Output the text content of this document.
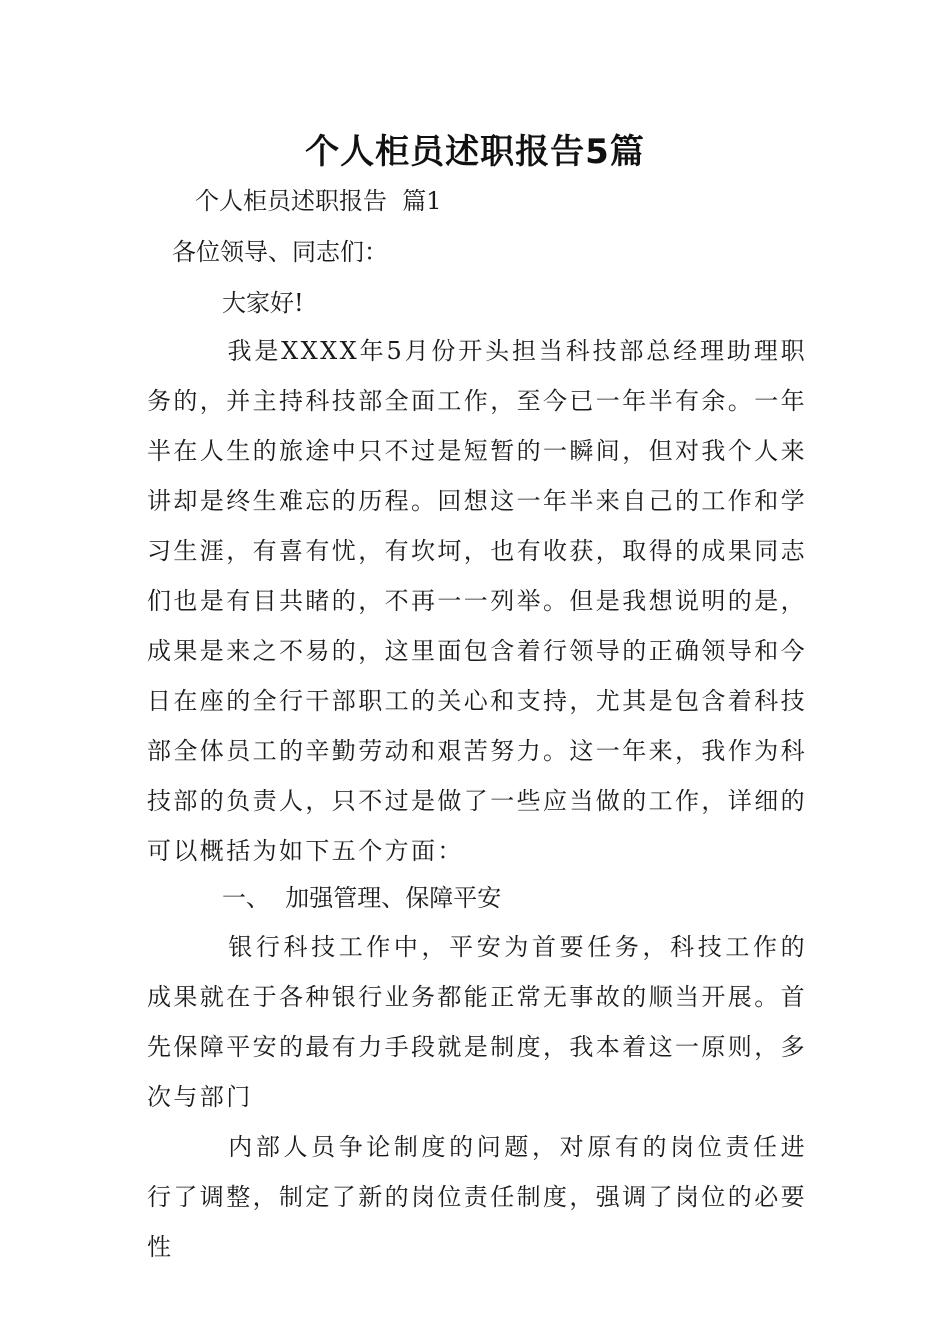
个人柜员述职报告5篇
个人柜员述职报告  篇1
各位领导、同志们：
大家好!
我是XXXX年5月份开头担当科技部总经理助理职务的，并主持科技部全面工作，至今已一年半有余。一年半在人生的旅途中只不过是短暂的一瞬间，但对我个人来讲却是终生难忘的历程。回想这一年半来自己的工作和学习生涯，有喜有忧，有坎坷，也有收获，取得的成果同志们也是有目共睹的，不再一一列举。但是我想说明的是，成果是来之不易的，这里面包含着行领导的正确领导和今日在座的全行干部职工的关心和支持，尤其是包含着科技部全体员工的辛勤劳动和艰苦努力。这一年来，我作为科技部的负责人，只不过是做了一些应当做的工作，详细的可以概括为如下五个方面：
一、  加强管理、保障平安
银行科技工作中，平安为首要任务，科技工作的成果就在于各种银行业务都能正常无事故的顺当开展。首先保障平安的最有力手段就是制度，我本着这一原则，多次与部门
内部人员争论制度的问题，对原有的岗位责任进行了调整，制定了新的岗位责任制度，强调了岗位的必要性
